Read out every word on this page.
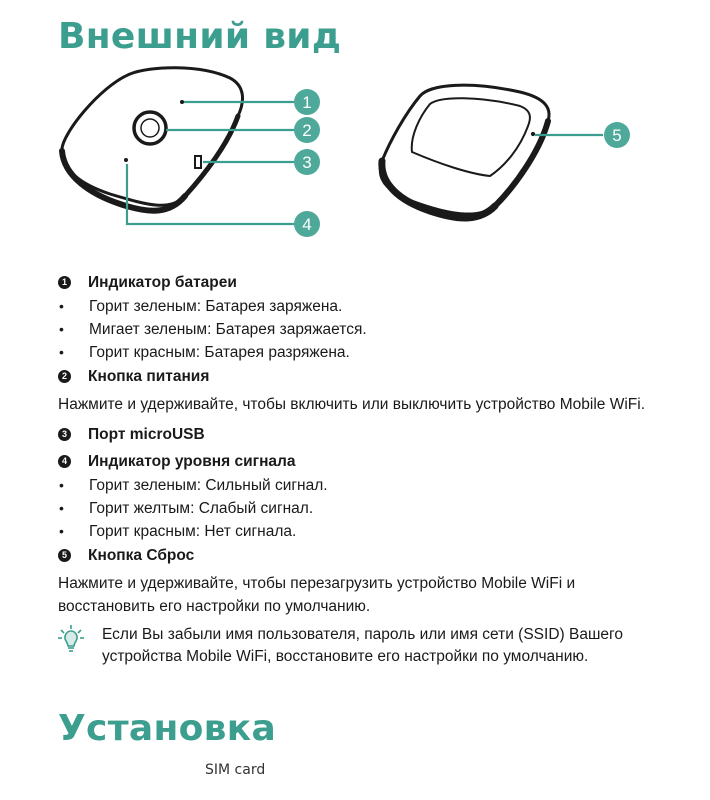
Внешний вид
1
2
3
4
5
1 Индикатор батареи
•	Горит зеленым: Батарея заряжена.
•	Мигает зеленым: Батарея заряжается.
•	Горит красным: Батарея разряжена.
2 Кнопка питания
Нажмите и удерживайте, чтобы включить или выключить устройство Mobile WiFi.
3 Порт microUSB
4 Индикатор уровня сигнала
•	Горит зеленым: Сильный сигнал.
•	Горит желтым: Слабый сигнал.
•	Горит красным: Нет сигнала.
5 Кнопка Сброс
Нажмите и удерживайте, чтобы перезагрузить устройство Mobile WiFi и восстановить его настройки по умолчанию.
Если Вы забыли имя пользователя, пароль или имя сети (SSID) Вашего устройства Mobile WiFi, восстановите его настройки по умолчанию.
Установка
SIM card
